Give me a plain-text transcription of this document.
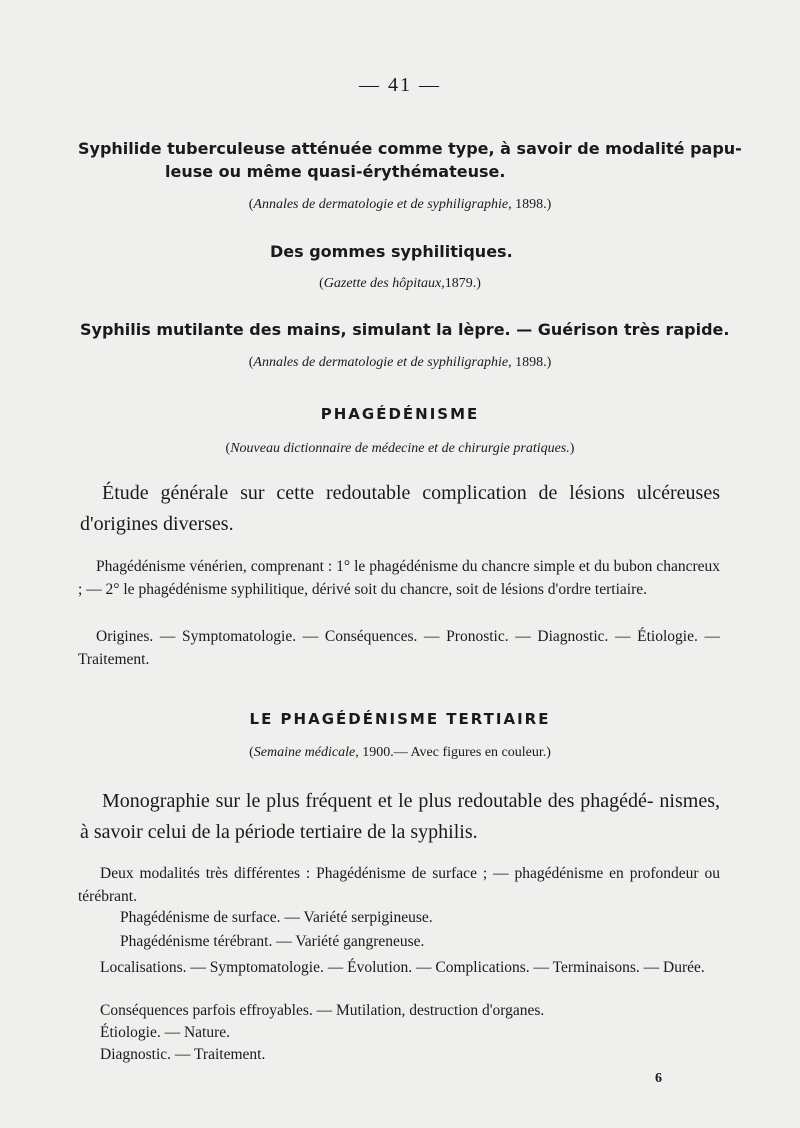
— 41 —
Syphilide tuberculeuse atténuée comme type, à savoir de modalité papu-
leuse ou même quasi-érythémateuse.
(Annales de dermatologie et de syphiligraphie, 1898.)
Des gommes syphilitiques.
(Gazette des hôpitaux,1879.)
Syphilis mutilante des mains, simulant la lèpre. — Guérison très rapide.
(Annales de dermatologie et de syphiligraphie, 1898.)
PHAGÉDÉNISME
(Nouveau dictionnaire de médecine et de chirurgie pratiques.)
Étude générale sur cette redoutable complication de lésions ulcéreuses d'origines diverses.
Phagédénisme vénérien, comprenant : 1° le phagédénisme du chancre simple et du bubon chancreux ; — 2° le phagédénisme syphilitique, dérivé soit du chancre, soit de lésions d'ordre tertiaire.
Origines. — Symptomatologie. — Conséquences. — Pronostic. — Diagnostic. — Étiologie. — Traitement.
LE PHAGÉDÉNISME TERTIAIRE
(Semaine médicale, 1900.— Avec figures en couleur.)
Monographie sur le plus fréquent et le plus redoutable des phagédé- nismes, à savoir celui de la période tertiaire de la syphilis.
Deux modalités très différentes : Phagédénisme de surface ; — phagédénisme en profondeur ou térébrant.
Phagédénisme de surface. — Variété serpigineuse.
Phagédénisme térébrant. — Variété gangreneuse.
Localisations. — Symptomatologie. — Évolution. — Complications. — Terminaisons. — Durée.
Conséquences parfois effroyables. — Mutilation, destruction d'organes.
Étiologie. — Nature.
Diagnostic. — Traitement.
6
